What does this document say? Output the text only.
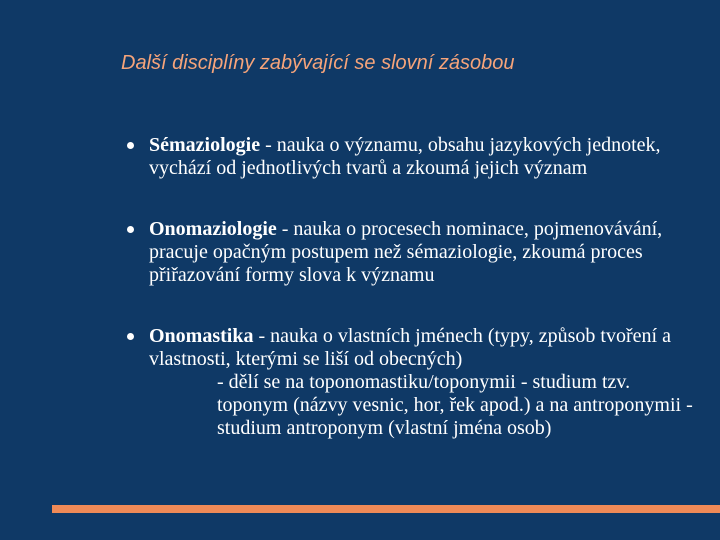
Další disciplíny zabývající se slovní zásobou
Sémaziologie - nauka o významu, obsahu jazykových jednotek, vychází od jednotlivých tvarů a zkoumá jejich význam
Onomaziologie - nauka o procesech nominace, pojmenovávání, pracuje opačným postupem než sémaziologie, zkoumá proces přiřazování formy slova k významu
Onomastika - nauka o vlastních jménech (typy, způsob tvoření a vlastnosti, kterými se liší od obecných)
- dělí se na toponomastiku/toponymii - studium tzv. toponym (názvy vesnic, hor, řek apod.) a na antroponymii - studium antroponym (vlastní jména osob)
